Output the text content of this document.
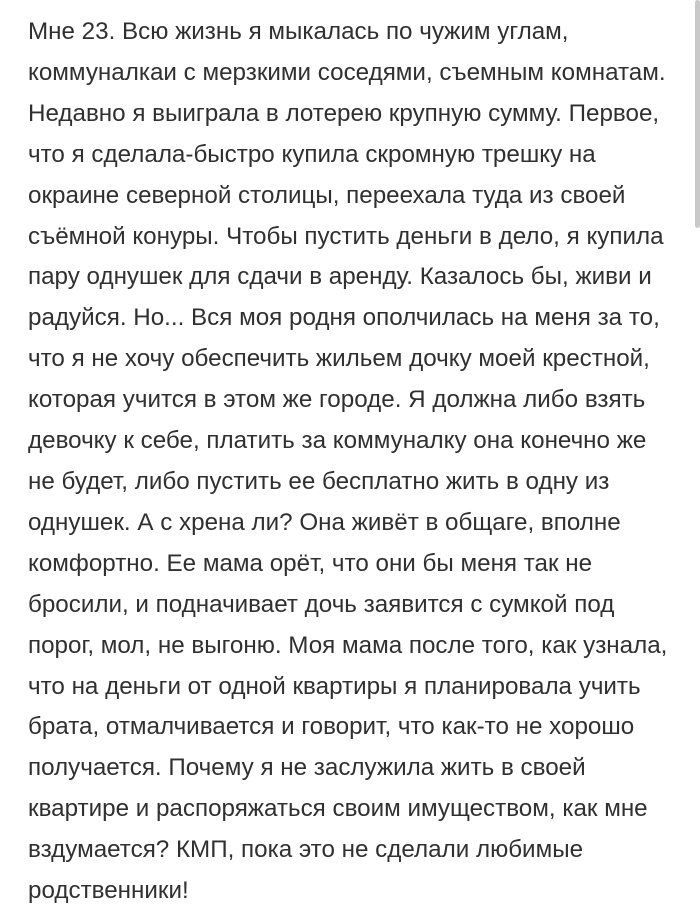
Мне 23. Всю жизнь я мыкалась по чужим углам,
коммуналкаи с мерзкими соседями, съемным комнатам.
Недавно я выиграла в лотерею крупную сумму. Первое,
что я сделала-быстро купила скромную трешку на
окраине северной столицы, переехала туда из своей
съёмной конуры. Чтобы пустить деньги в дело, я купила
пару однушек для сдачи в аренду. Казалось бы, живи и
радуйся. Но... Вся моя родня ополчилась на меня за то,
что я не хочу обеспечить жильем дочку моей крестной,
которая учится в этом же городе. Я должна либо взять
девочку к себе, платить за коммуналку она конечно же
не будет, либо пустить ее бесплатно жить в одну из
однушек. А с хрена ли? Она живёт в общаге, вполне
комфортно. Ее мама орёт, что они бы меня так не
бросили, и подначивает дочь заявится с сумкой под
порог, мол, не выгоню. Моя мама после того, как узнала,
что на деньги от одной квартиры я планировала учить
брата, отмалчивается и говорит, что как-то не хорошо
получается. Почему я не заслужила жить в своей
квартире и распоряжаться своим имуществом, как мне
вздумается? КМП, пока это не сделали любимые
родственники!
